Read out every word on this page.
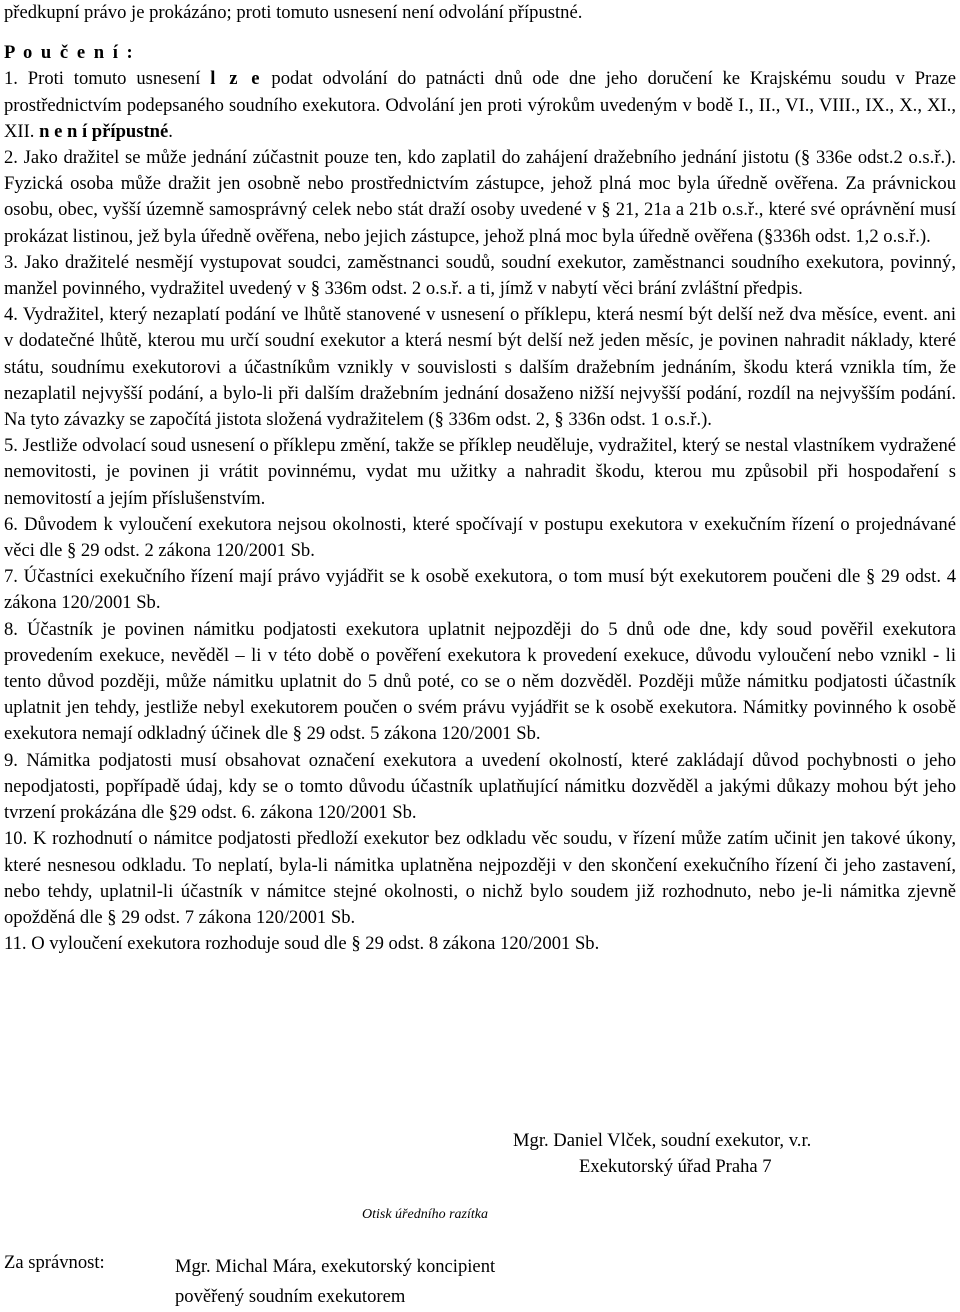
předkupní právo je prokázáno; proti tomuto usnesení není odvolání přípustné.

P o u č e n í :

1. Proti tomuto usnesení l z e podat odvolání do patnácti dnů ode dne jeho doručení ke Krajskému soudu v Praze prostřednictvím podepsaného soudního exekutora. Odvolání jen proti výrokům uvedeným v bodě I., II., VI., VIII., IX., X., XI., XII. n e n í přípustné.

2. Jako dražitel se může jednání zúčastnit pouze ten, kdo zaplatil do zahájení dražebního jednání jistotu (§ 336e odst.2 o.s.ř.). Fyzická osoba může dražit jen osobně nebo prostřednictvím zástupce, jehož plná moc byla úředně ověřena. Za právnickou osobu, obec, vyšší územně samosprávný celek nebo stát draží osoby uvedené v § 21, 21a a 21b o.s.ř., které své oprávnění musí prokázat listinou, jež byla úředně ověřena, nebo jejich zástupce, jehož plná moc byla úředně ověřena (§336h odst. 1,2 o.s.ř.).

3. Jako dražitelé nesmějí vystupovat soudci, zaměstnanci soudů, soudní exekutor, zaměstnanci soudního exekutora, povinný, manžel povinného, vydražitel uvedený v § 336m odst. 2 o.s.ř. a ti, jímž v nabytí věci brání zvláštní předpis.

4. Vydražitel, který nezaplatí podání ve lhůtě stanovené v usnesení o příklepu, která nesmí být delší než dva měsíce, event. ani v dodatečné lhůtě, kterou mu určí soudní exekutor a která nesmí být delší než jeden měsíc, je povinen nahradit náklady, které státu, soudnímu exekutorovi a účastníkům vznikly v souvislosti s dalším dražebním jednáním, škodu která vznikla tím, že nezaplatil nejvyšší podání, a bylo-li při dalším dražebním jednání dosaženo nižší nejvyšší podání, rozdíl na nejvyšším podání. Na tyto závazky se započítá jistota složená vydražitelem (§ 336m odst. 2, § 336n odst. 1 o.s.ř.).

5. Jestliže odvolací soud usnesení o příklepu změní, takže se příklep neuděluje, vydražitel, který se nestal vlastníkem vydražené nemovitosti, je povinen ji vrátit povinnému, vydat mu užitky a nahradit škodu, kterou mu způsobil při hospodaření s nemovitostí a jejím příslušenstvím.

6. Důvodem k vyloučení exekutora nejsou okolnosti, které spočívají v postupu exekutora v exekučním řízení o projednávané věci dle § 29 odst. 2 zákona 120/2001 Sb.

7. Účastníci exekučního řízení mají právo vyjádřit se k osobě exekutora, o tom musí být exekutorem poučeni dle § 29 odst. 4 zákona 120/2001 Sb.

8. Účastník je povinen námitku podjatosti exekutora uplatnit nejpozději do 5 dnů ode dne, kdy soud pověřil exekutora provedením exekuce, nevěděl – li v této době o pověření exekutora k provedení exekuce, důvodu vyloučení nebo vznikl - li tento důvod později, může námitku uplatnit do 5 dnů poté, co se o něm dozvěděl. Později může námitku podjatosti účastník uplatnit jen tehdy, jestliže nebyl exekutorem poučen o svém právu vyjádřit se k osobě exekutora. Námitky povinného k osobě exekutora nemají odkladný účinek dle § 29 odst. 5 zákona 120/2001 Sb.

9. Námitka podjatosti musí obsahovat označení exekutora a uvedení okolností, které zakládají důvod pochybnosti o jeho nepodjatosti, popřípadě údaj, kdy se o tomto důvodu účastník uplatňující námitku dozvěděl a jakými důkazy mohou být jeho tvrzení prokázána dle §29 odst. 6. zákona 120/2001 Sb.

10. K rozhodnutí o námitce podjatosti předloží exekutor bez odkladu věc soudu, v řízení může zatím učinit jen takové úkony, které nesnesou odkladu. To neplatí, byla-li námitka uplatněna nejpozději v den skončení exekučního řízení či jeho zastavení, nebo tehdy, uplatnil-li účastník v námitce stejné okolnosti, o nichž bylo soudem již rozhodnuto, nebo je-li námitka zjevně opožděná dle § 29 odst. 7 zákona 120/2001 Sb.

11. O vyloučení exekutora rozhoduje soud dle § 29 odst. 8 zákona 120/2001 Sb.

Mgr. Daniel Vlček, soudní exekutor, v.r.
Exekutorský úřad Praha 7
Otisk úředního razítka
Za správnost:	Mgr. Michal Mára, exekutorský koncipient
pověřený soudním exekutorem
